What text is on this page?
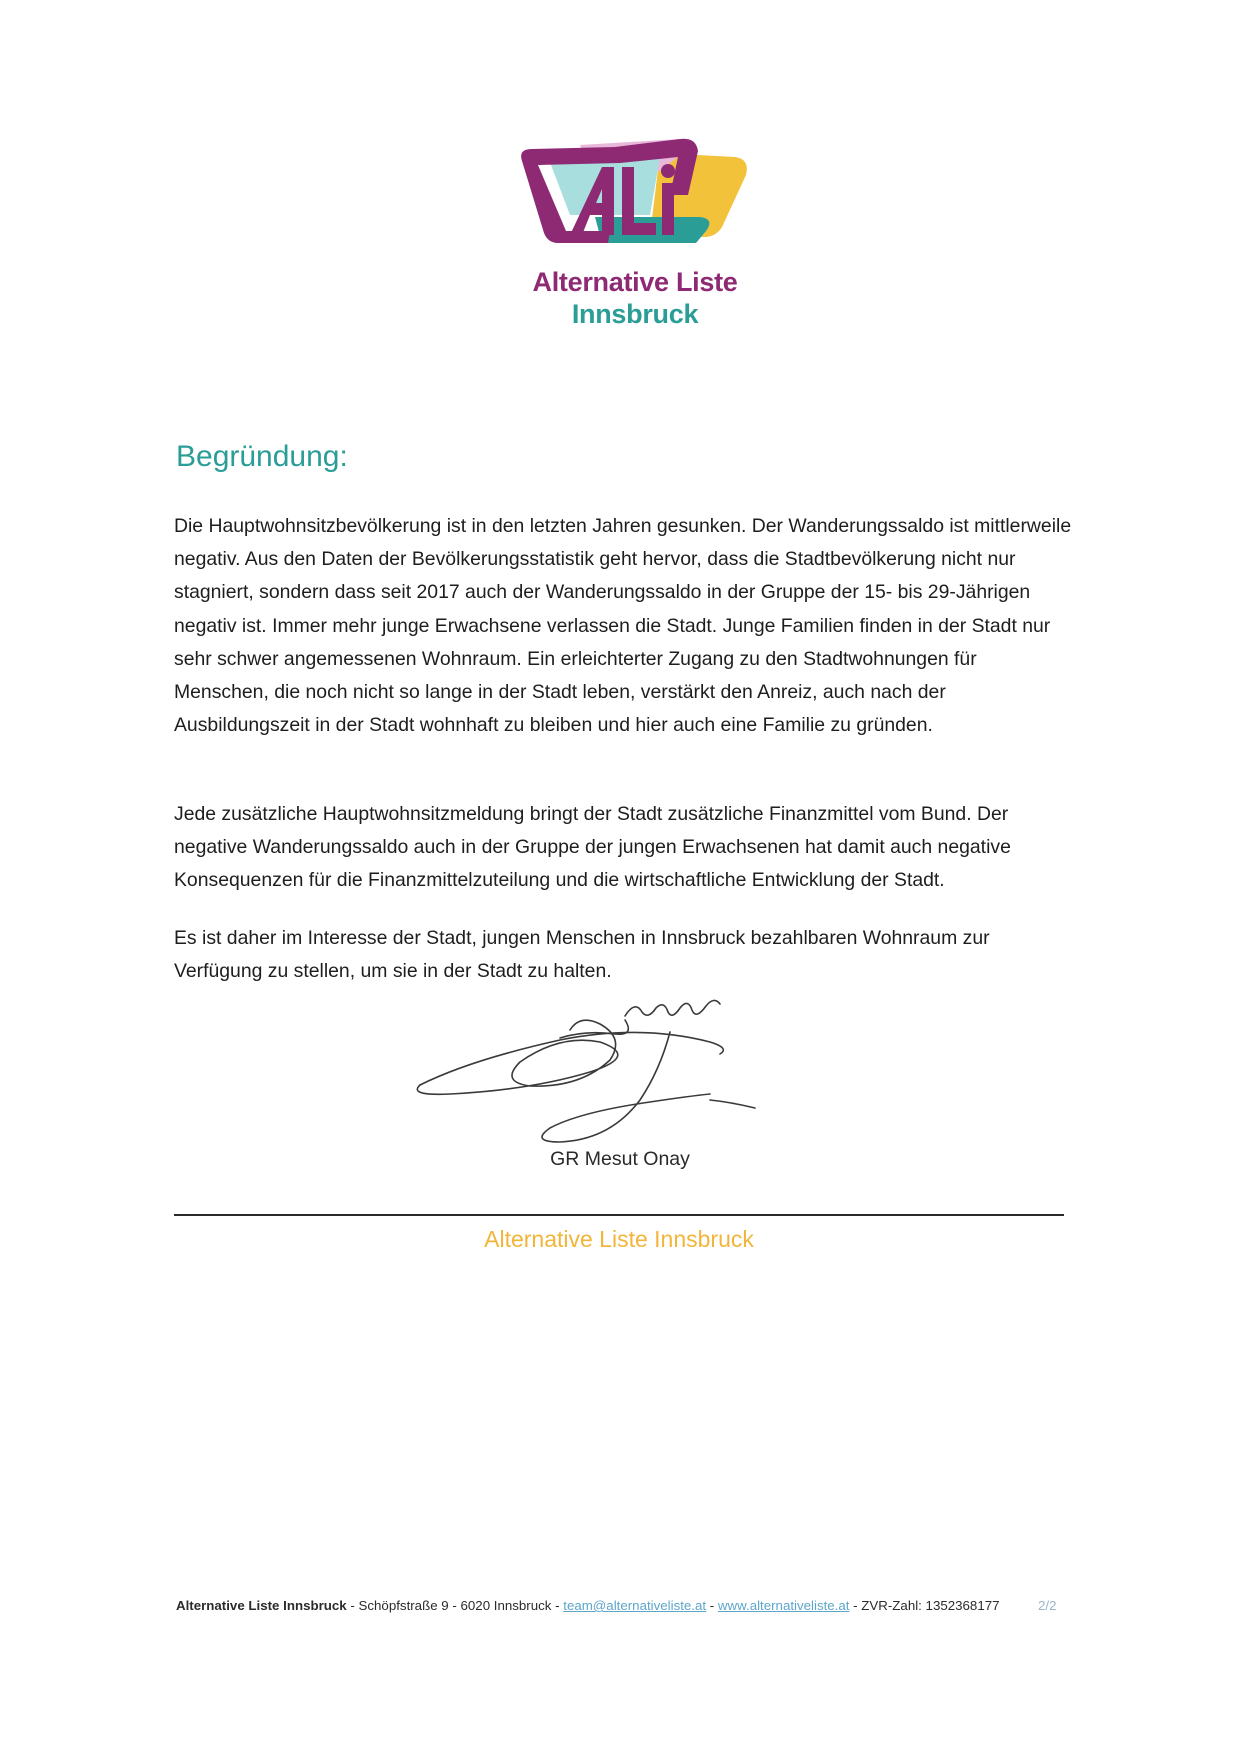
Alternative Liste
Innsbruck
Begründung:

Die Hauptwohnsitzbevölkerung ist in den letzten Jahren gesunken. Der Wanderungssaldo ist mittlerweile negativ. Aus den Daten der Bevölkerungsstatistik geht hervor, dass die Stadtbevölkerung nicht nur stagniert, sondern dass seit 2017 auch der Wanderungssaldo in der Gruppe der 15- bis 29-Jährigen negativ ist. Immer mehr junge Erwachsene verlassen die Stadt. Junge Familien finden in der Stadt nur sehr schwer angemessenen Wohnraum. Ein erleichterter Zugang zu den Stadtwohnungen für Menschen, die noch nicht so lange in der Stadt leben, verstärkt den Anreiz, auch nach der Ausbildungszeit in der Stadt wohnhaft zu bleiben und hier auch eine Familie zu gründen.

Jede zusätzliche Hauptwohnsitzmeldung bringt der Stadt zusätzliche Finanzmittel vom Bund. Der negative Wanderungssaldo auch in der Gruppe der jungen Erwachsenen hat damit auch negative Konsequenzen für die Finanzmittelzuteilung und die wirtschaftliche Entwicklung der Stadt.

Es ist daher im Interesse der Stadt, jungen Menschen in Innsbruck bezahlbaren Wohnraum zur Verfügung zu stellen, um sie in der Stadt zu halten.

GR Mesut Onay
Alternative Liste Innsbruck
Alternative Liste Innsbruck - Schöpfstraße 9 - 6020 Innsbruck - team@alternativeliste.at - www.alternativeliste.at - ZVR-Zahl: 1352368177	2/2
